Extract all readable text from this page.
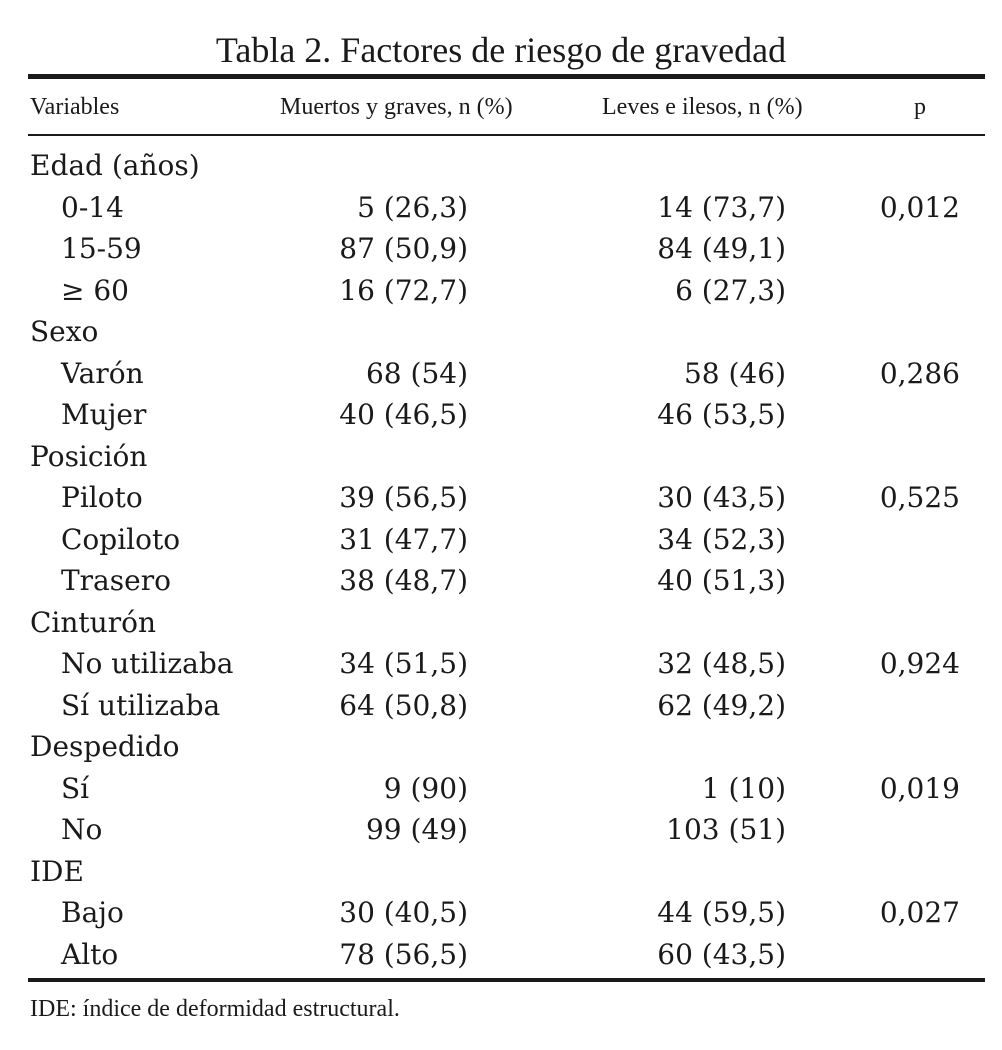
Tabla 2. Factores de riesgo de gravedad
Variables	Muertos y graves, n (%)	Leves e ilesos, n (%)	p
Edad (años)
0-14	5 (26,3)	14 (73,7)	0,012
15-59	87 (50,9)	84 (49,1)
≥ 60	16 (72,7)	6 (27,3)
Sexo
Varón	68 (54)	58 (46)	0,286
Mujer	40 (46,5)	46 (53,5)
Posición
Piloto	39 (56,5)	30 (43,5)	0,525
Copiloto	31 (47,7)	34 (52,3)
Trasero	38 (48,7)	40 (51,3)
Cinturón
No utilizaba	34 (51,5)	32 (48,5)	0,924
Sí utilizaba	64 (50,8)	62 (49,2)
Despedido
Sí	9 (90)	1 (10)	0,019
No	99 (49)	103 (51)
IDE
Bajo	30 (40,5)	44 (59,5)	0,027
Alto	78 (56,5)	60 (43,5)
IDE: índice de deformidad estructural.
